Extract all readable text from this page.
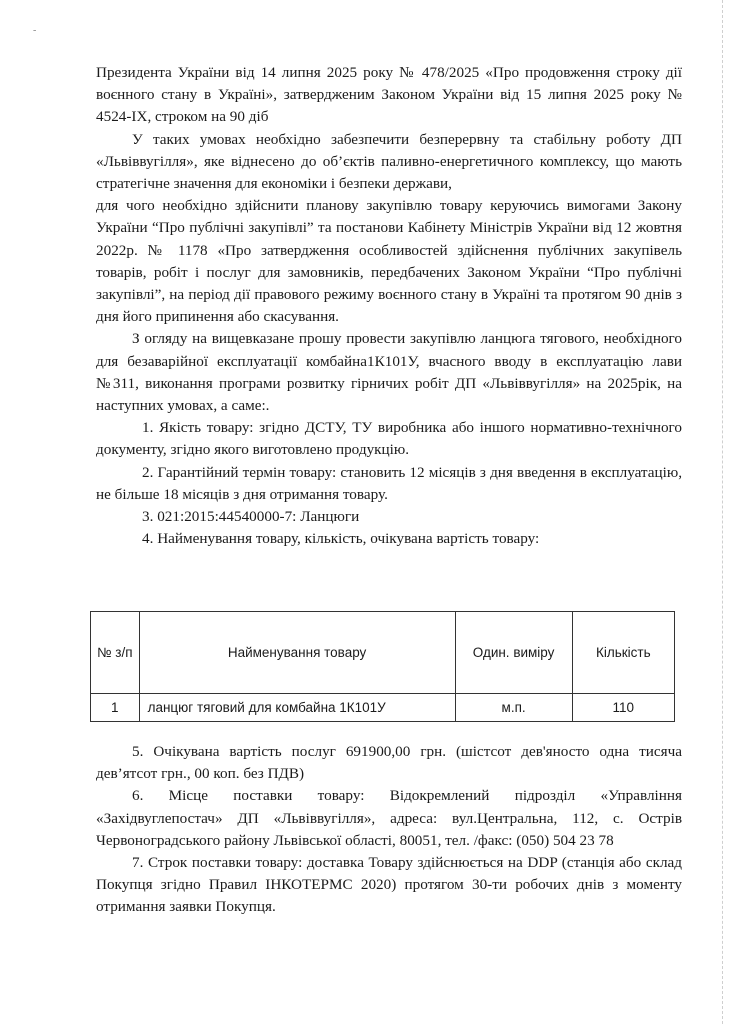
-

Президента України від 14 липня 2025 року № 478/2025 «Про продовження строку дії воєнного стану в Україні», затвердженим Законом України від 15 липня 2025 року № 4524-IX, строком на 90 діб

У таких умовах необхідно забезпечити безперервну та стабільну роботу ДП «Львіввугілля», яке віднесено до об’єктів паливно-енергетичного комплексу, що мають стратегічне значення для економіки і безпеки держави,

для чого необхідно здійснити планову закупівлю товару керуючись вимогами Закону України “Про публічні закупівлі” та постанови Кабінету Міністрів України від 12 жовтня 2022р. № 1178 «Про затвердження особливостей здійснення публічних закупівель товарів, робіт і послуг для замовників, передбачених Законом України “Про публічні закупівлі”, на період дії правового режиму воєнного стану в Україні та протягом 90 днів з дня його припинення або скасування.

З огляду на вищевказане прошу провести закупівлю ланцюга тягового, необхідного для безаварійної експлуатації комбайна1К101У, вчасного вводу в експлуатацію лави №311, виконання програми розвитку гірничих робіт ДП «Львіввугілля» на 2025рік, на наступних умовах, а саме:.

1. Якість товару: згідно ДСТУ, ТУ виробника або іншого нормативно-технічного документу, згідно якого виготовлено продукцію.

2. Гарантійний термін товару: становить 12 місяців з дня введення в експлуатацію, не більше 18 місяців з дня отримання товару.

3. 021:2015:44540000-7: Ланцюги

4. Найменування товару, кількість, очікувана вартість товару:

№ з/п	Найменування товару	Один. виміру	Кількість
1	ланцюг тяговий для комбайна 1К101У	м.п.	110

5. Очікувана вартість послуг 691900,00 грн. (шістсот дев'яносто одна тисяча дев’ятсот грн., 00 коп. без ПДВ)

6. Місце поставки товару: Відокремлений підрозділ «Управління «Західвуглепостач» ДП «Львіввугілля», адреса: вул.Центральна, 112, с. Острів Червоноградського району Львівської області, 80051, тел. /факс: (050) 504 23 78

7. Строк поставки товару: доставка Товару здійснюється на DDP (станція або склад Покупця згідно Правил ІНКОТЕРМС 2020) протягом 30-ти робочих днів з моменту отримання заявки Покупця.
